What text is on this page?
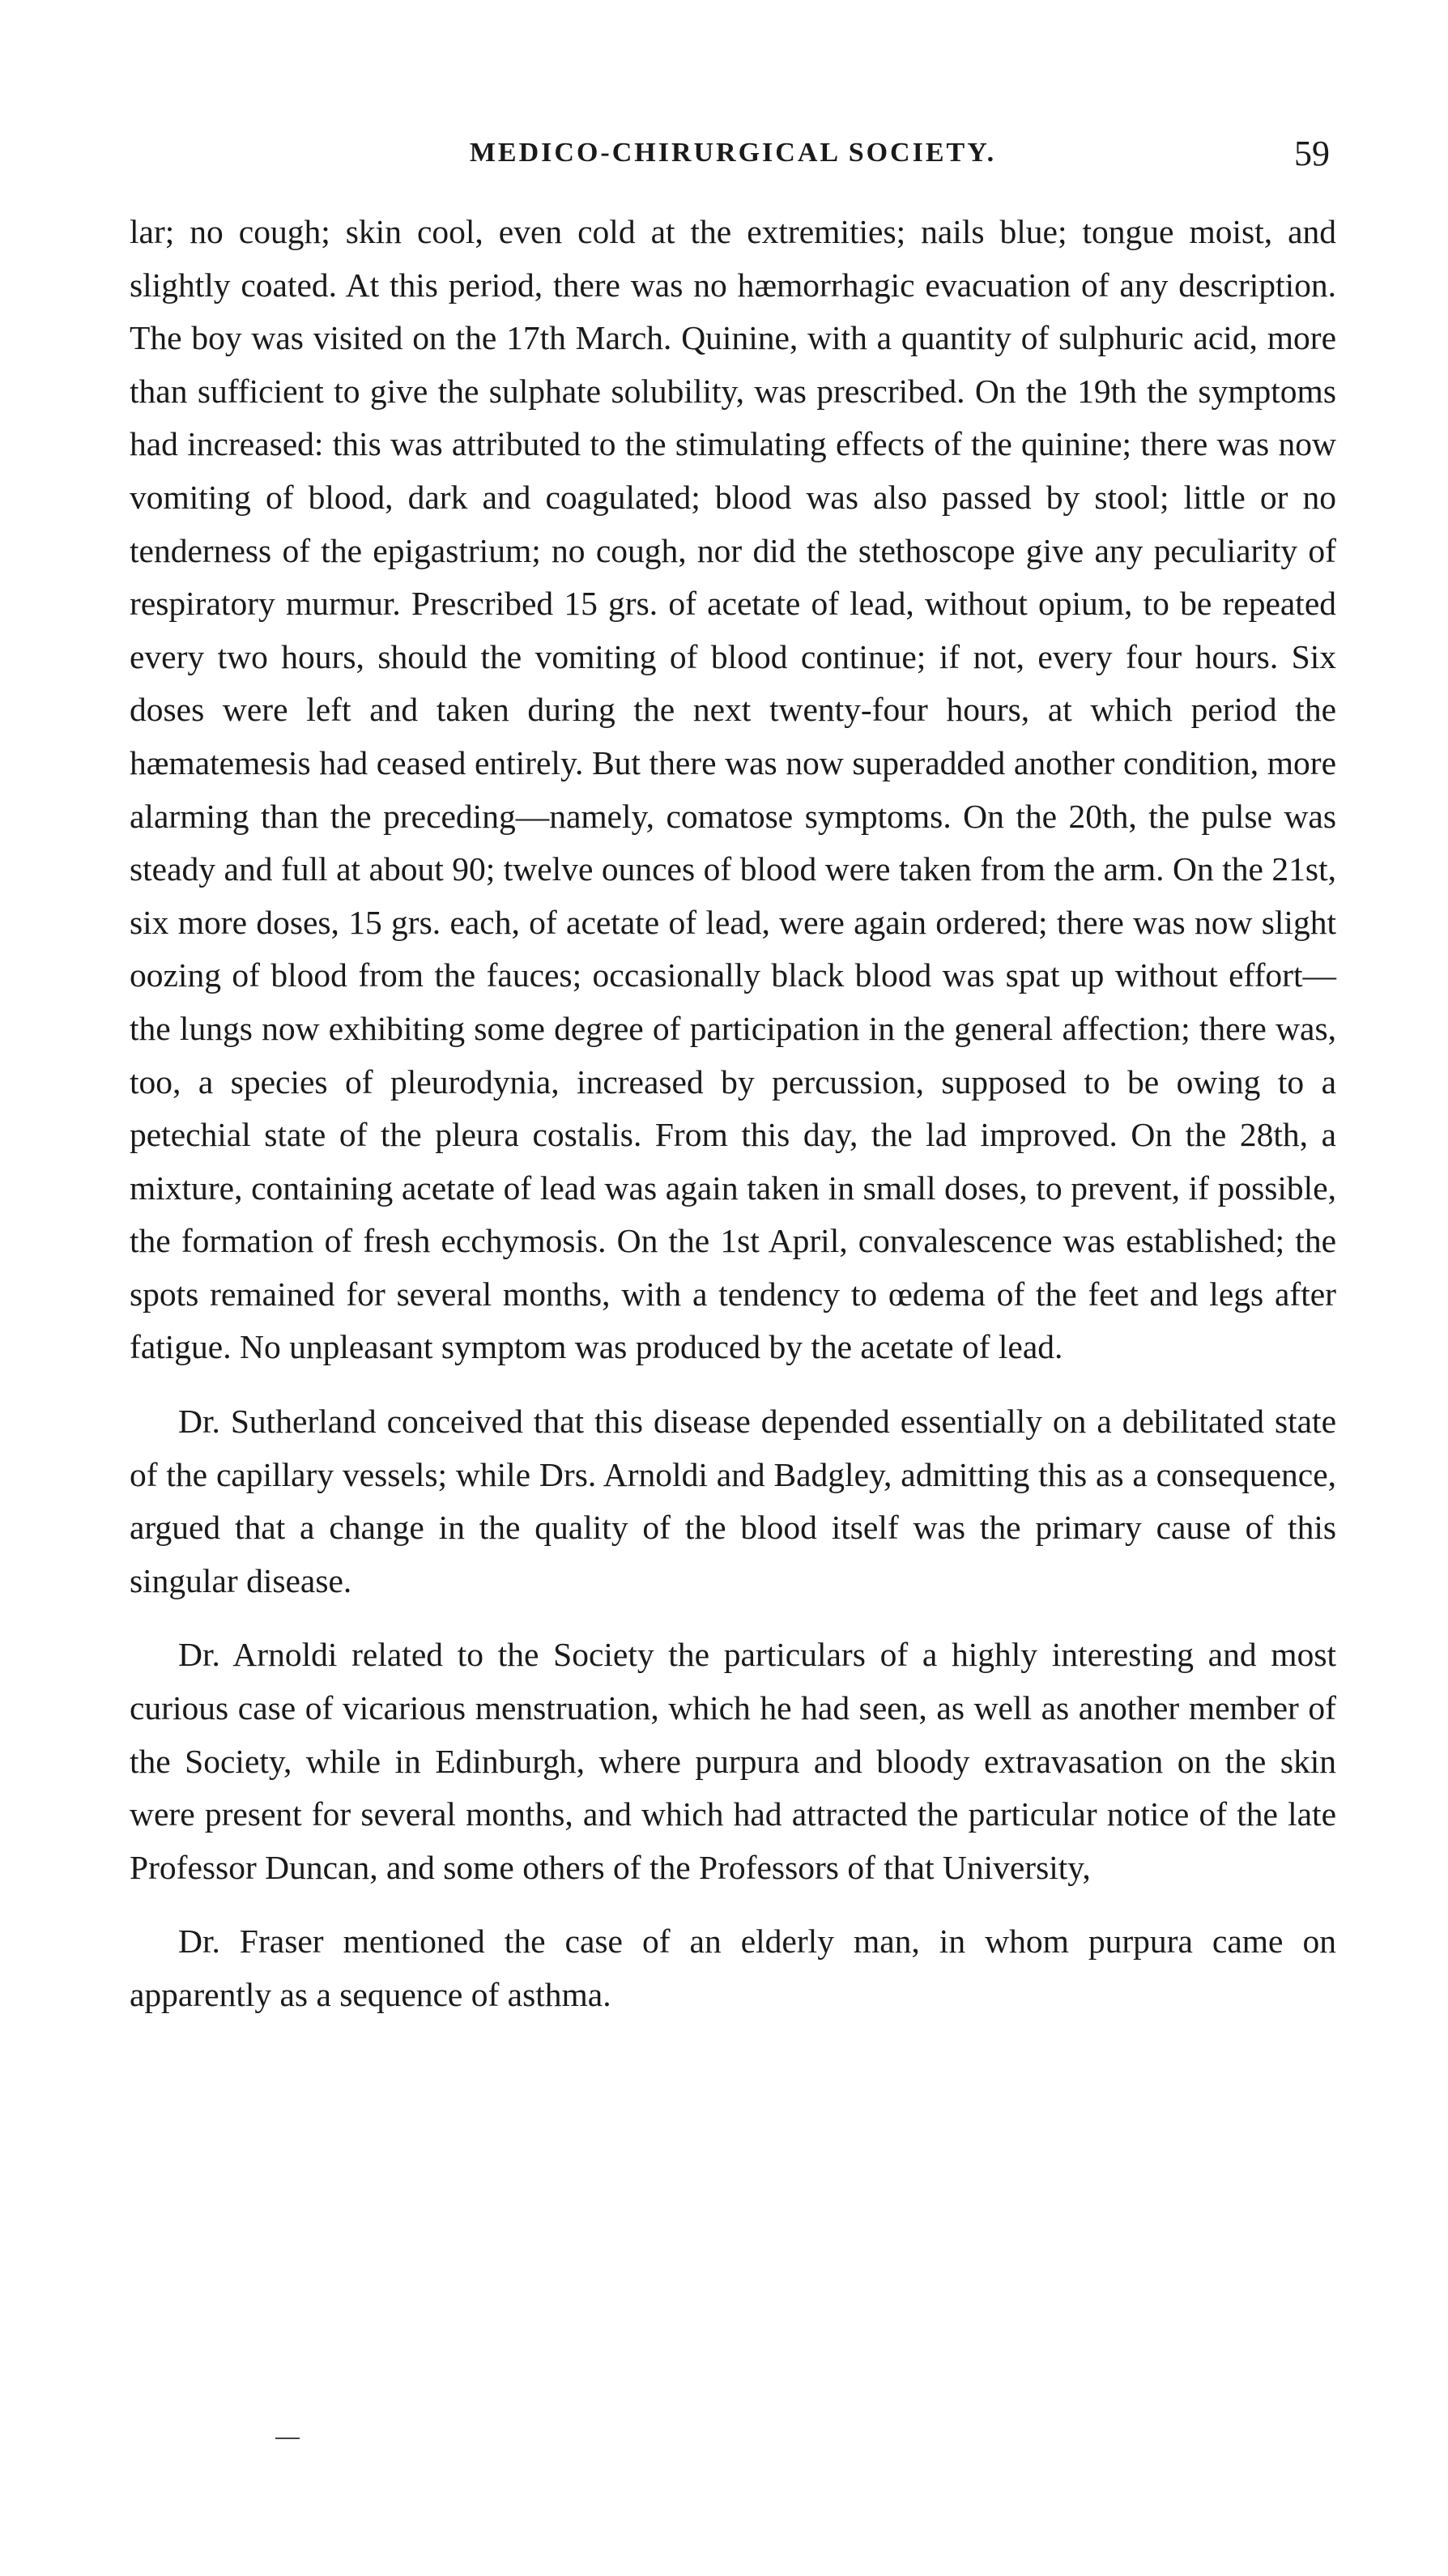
MEDICO-CHIRURGICAL SOCIETY.	59

lar; no cough; skin cool, even cold at the extremities; nails blue; tongue moist, and slightly coated. At this period, there was no hæmorrhagic evacuation of any description. The boy was visited on the 17th March. Quinine, with a quantity of sulphuric acid, more than sufficient to give the sulphate solubility, was prescribed. On the 19th the symptoms had increased: this was attributed to the stimulating effects of the quinine; there was now vomiting of blood, dark and coagulated; blood was also passed by stool; little or no tenderness of the epigastrium; no cough, nor did the stethoscope give any peculiarity of respiratory murmur. Prescribed 15 grs. of acetate of lead, without opium, to be repeated every two hours, should the vomiting of blood continue; if not, every four hours. Six doses were left and taken during the next twenty-four hours, at which period the hæmatemesis had ceased entirely. But there was now superadded another condition, more alarming than the preceding—namely, comatose symptoms. On the 20th, the pulse was steady and full at about 90; twelve ounces of blood were taken from the arm. On the 21st, six more doses, 15 grs. each, of acetate of lead, were again ordered; there was now slight oozing of blood from the fauces; occasionally black blood was spat up without effort—the lungs now exhibiting some degree of participation in the general affection; there was, too, a species of pleurodynia, increased by percussion, supposed to be owing to a petechial state of the pleura costalis. From this day, the lad improved. On the 28th, a mixture, containing acetate of lead was again taken in small doses, to prevent, if possible, the formation of fresh ecchymosis. On the 1st April, convalescence was established; the spots remained for several months, with a tendency to œdema of the feet and legs after fatigue. No unpleasant symptom was produced by the acetate of lead.

Dr. Sutherland conceived that this disease depended essentially on a debilitated state of the capillary vessels; while Drs. Arnoldi and Badgley, admitting this as a consequence, argued that a change in the quality of the blood itself was the primary cause of this singular disease.

Dr. Arnoldi related to the Society the particulars of a highly interesting and most curious case of vicarious menstruation, which he had seen, as well as another member of the Society, while in Edinburgh, where purpura and bloody extravasation on the skin were present for several months, and which had attracted the particular notice of the late Professor Duncan, and some others of the Professors of that University,

Dr. Fraser mentioned the case of an elderly man, in whom purpura came on apparently as a sequence of asthma.
